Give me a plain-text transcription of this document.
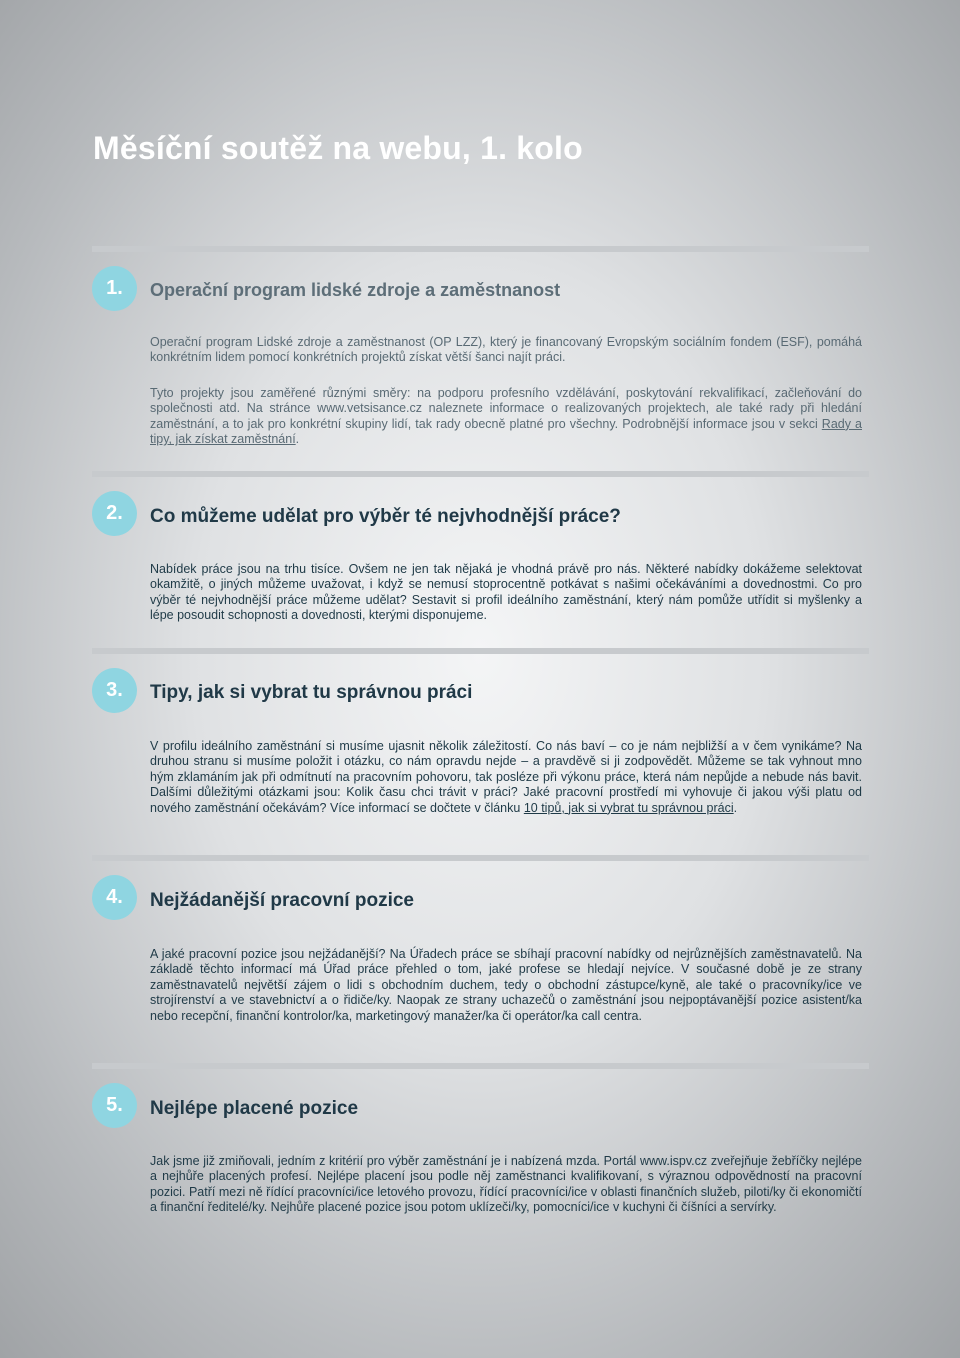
Měsíční soutěž na webu, 1. kolo
1.	Operační program lidské zdroje a zaměstnanost

Operační program Lidské zdroje a zaměstnanost (OP LZZ), který je financovaný Evropským sociálním fondem (ESF), pomáhá konkrétním lidem pomocí konkrétních projektů získat větší šanci najít práci.

Tyto projekty jsou zaměřené různými směry: na podporu profesního vzdělávání, poskytování rekvalifikací, začleňování do společnosti atd. Na stránce www.vetsisance.cz naleznete informace o realizovaných projektech, ale také rady při hledání zaměstnání, a to jak pro konkrétní skupiny lidí, tak rady obecně platné pro všechny. Podrobnější informace jsou v sekci Rady a tipy, jak získat zaměstnání.

2.	Co můžeme udělat pro výběr té nejvhodnější práce?

Nabídek práce jsou na trhu tisíce. Ovšem ne jen tak nějaká je vhodná právě pro nás. Některé nabídky dokážeme selektovat okamžitě, o jiných můžeme uvažovat, i když se nemusí stoprocentně potkávat s našimi očekáváními a dovednostmi. Co pro výběr té nejvhodnější práce můžeme udělat? Sestavit si profil ideálního zaměstnání, který nám pomůže utřídit si myšlenky a lépe posoudit schopnosti a dovednosti, kterými disponujeme.

3.	Tipy, jak si vybrat tu správnou práci

V profilu ideálního zaměstnání si musíme ujasnit několik záležitostí. Co nás baví – co je nám nejbližší a v čem vynikáme? Na druhou stranu si musíme položit i otázku, co nám opravdu nejde – a pravděvě si ji zodpovědět. Můžeme se tak vyhnout mno hým zklamáním jak při odmítnutí na pracovním pohovoru, tak posléze při výkonu práce, která nám nepůjde a nebude nás bavit. Dalšími důležitými otázkami jsou: Kolik času chci trávit v práci? Jaké pracovní prostředí mi vyhovuje či jakou výši platu od nového zaměstnání očekávám? Více informací se dočtete v článku 10 tipů, jak si vybrat tu správnou práci.

4.	Nejžádanější pracovní pozice

A jaké pracovní pozice jsou nejžádanější? Na Úřadech práce se sbíhají pracovní nabídky od nejrůznějších zaměstnavatelů. Na základě těchto informací má Úřad práce přehled o tom, jaké profese se hledají nejvíce. V současné době je ze strany zaměstnavatelů největší zájem o lidi s obchodním duchem, tedy o obchodní zástupce/kyně, ale také o pracovníky/ice ve strojírenství a ve stavebnictví a o řidiče/ky. Naopak ze strany uchazečů o zaměstnání jsou nejpoptávanější pozice asistent/ka nebo recepční, finanční kontrolor/ka, marketingový manažer/ka či operátor/ka call centra.

5.	Nejlépe placené pozice

Jak jsme již zmiňovali, jedním z kritérií pro výběr zaměstnání je i nabízená mzda. Portál www.ispv.cz zveřejňuje žebříčky nejlépe a nejhůře placených profesí. Nejlépe placení jsou podle něj zaměstnanci kvalifikovaní, s výraznou odpovědností na pracovní pozici. Patří mezi ně řídící pracovníci/ice letového provozu, řídící pracovníci/ice v oblasti finančních služeb, piloti/ky či ekonomičtí a finanční ředitelé/ky. Nejhůře placené pozice jsou potom uklízeči/ky, pomocníci/ice v kuchyni či číšníci a servírky.
